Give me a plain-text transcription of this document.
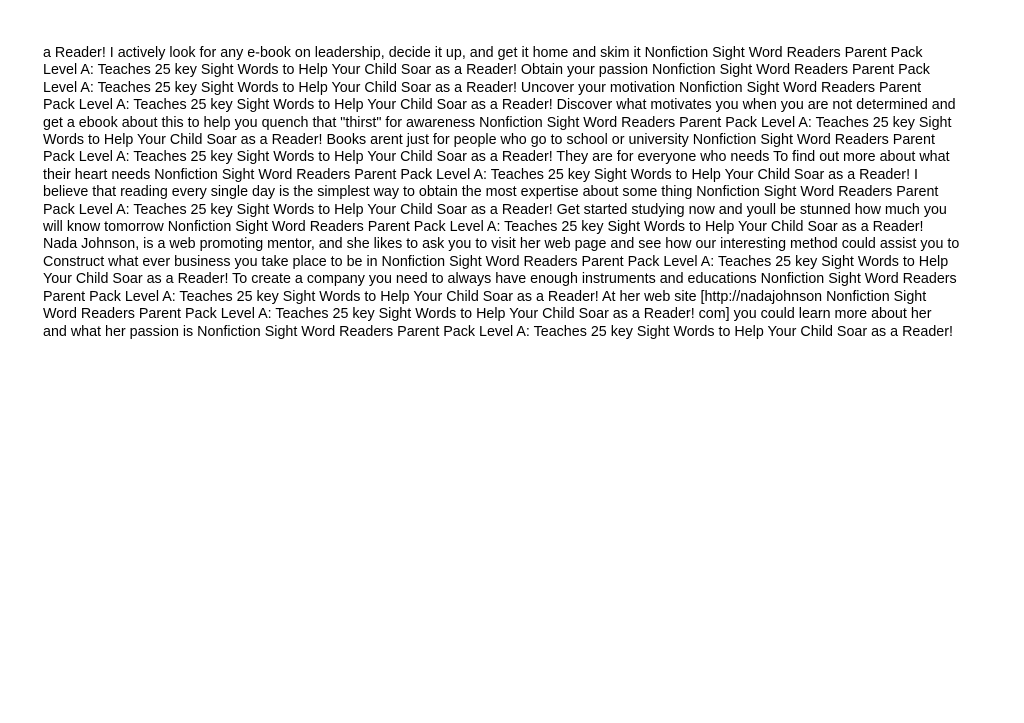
a Reader! I actively look for any e-book on leadership, decide it up, and get it home and skim it Nonfiction Sight Word Readers Parent Pack
Level A: Teaches 25 key Sight Words to Help Your Child Soar as a Reader! Obtain your passion Nonfiction Sight Word Readers Parent Pack
Level A: Teaches 25 key Sight Words to Help Your Child Soar as a Reader! Uncover your motivation Nonfiction Sight Word Readers Parent
Pack Level A: Teaches 25 key Sight Words to Help Your Child Soar as a Reader! Discover what motivates you when you are not determined and
get a ebook about this to help you quench that "thirst" for awareness Nonfiction Sight Word Readers Parent Pack Level A: Teaches 25 key Sight
Words to Help Your Child Soar as a Reader! Books arent just for people who go to school or university Nonfiction Sight Word Readers Parent
Pack Level A: Teaches 25 key Sight Words to Help Your Child Soar as a Reader! They are for everyone who needs To find out more about what
their heart needs Nonfiction Sight Word Readers Parent Pack Level A: Teaches 25 key Sight Words to Help Your Child Soar as a Reader! I
believe that reading every single day is the simplest way to obtain the most expertise about some thing Nonfiction Sight Word Readers Parent
Pack Level A: Teaches 25 key Sight Words to Help Your Child Soar as a Reader! Get started studying now and youll be stunned how much you
will know tomorrow Nonfiction Sight Word Readers Parent Pack Level A: Teaches 25 key Sight Words to Help Your Child Soar as a Reader!
Nada Johnson, is a web promoting mentor, and she likes to ask you to visit her web page and see how our interesting method could assist you to
Construct what ever business you take place to be in Nonfiction Sight Word Readers Parent Pack Level A: Teaches 25 key Sight Words to Help
Your Child Soar as a Reader! To create a company you need to always have enough instruments and educations Nonfiction Sight Word Readers
Parent Pack Level A: Teaches 25 key Sight Words to Help Your Child Soar as a Reader! At her web site [http://nadajohnson Nonfiction Sight
Word Readers Parent Pack Level A: Teaches 25 key Sight Words to Help Your Child Soar as a Reader! com] you could learn more about her
and what her passion is Nonfiction Sight Word Readers Parent Pack Level A: Teaches 25 key Sight Words to Help Your Child Soar as a Reader!
